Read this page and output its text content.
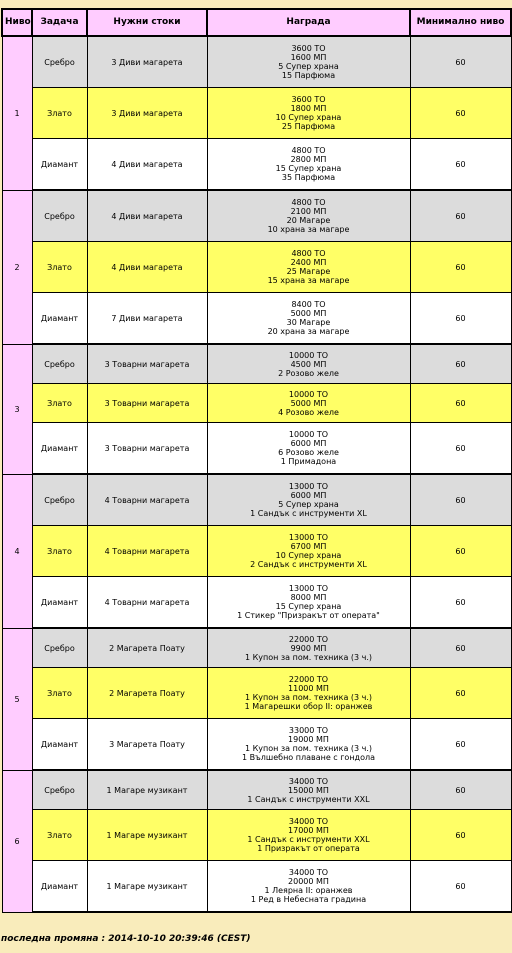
Ниво	Задача	Нужни стоки	Награда	Минимално ниво
1	Сребро	3 Диви магарета	3600 ТО
1600 МП
5 Супер храна
15 Парфюма	60
	Злато	3 Диви магарета	3600 ТО
1800 МП
10 Супер храна
25 Парфюма	60
	Диамант	4 Диви магарета	4800 ТО
2800 МП
15 Супер храна
35 Парфюма	60
2	Сребро	4 Диви магарета	4800 ТО
2100 МП
20 Магаре
10 храна за магаре	60
	Злато	4 Диви магарета	4800 ТО
2400 МП
25 Магаре
15 храна за магаре	60
	Диамант	7 Диви магарета	8400 ТО
5000 МП
30 Магаре
20 храна за магаре	60
3	Сребро	3 Товарни магарета	10000 ТО
4500 МП
2 Розово желе	60
	Злато	3 Товарни магарета	10000 ТО
5000 МП
4 Розово желе	60
	Диамант	3 Товарни магарета	10000 ТО
6000 МП
6 Розово желе
1 Примадона	60
4	Сребро	4 Товарни магарета	13000 ТО
6000 МП
5 Супер храна
1 Сандък с инструменти XL	60
	Злато	4 Товарни магарета	13000 ТО
6700 МП
10 Супер храна
2 Сандък с инструменти XL	60
	Диамант	4 Товарни магарета	13000 ТО
8000 МП
15 Супер храна
1 Стикер "Призракът от операта"	60
5	Сребро	2 Магарета Поату	22000 ТО
9900 МП
1 Купон за пом. техника (3 ч.)	60
	Злато	2 Магарета Поату	22000 ТО
11000 МП
1 Купон за пом. техника (3 ч.)
1 Магарешки обор II: оранжев	60
	Диамант	3 Магарета Поату	33000 ТО
19000 МП
1 Купон за пом. техника (3 ч.)
1 Вълшебно плаване с гондола	60
6	Сребро	1 Магаре музикант	34000 ТО
15000 МП
1 Сандък с инструменти XXL	60
	Злато	1 Магаре музикант	34000 ТО
17000 МП
1 Сандък с инструменти XXL
1 Призракът от операта	60
	Диамант	1 Магаре музикант	34000 ТО
20000 МП
1 Леярна II: оранжев
1 Ред в Небесната градина	60
последна промяна : 2014-10-10 20:39:46 (CEST)
